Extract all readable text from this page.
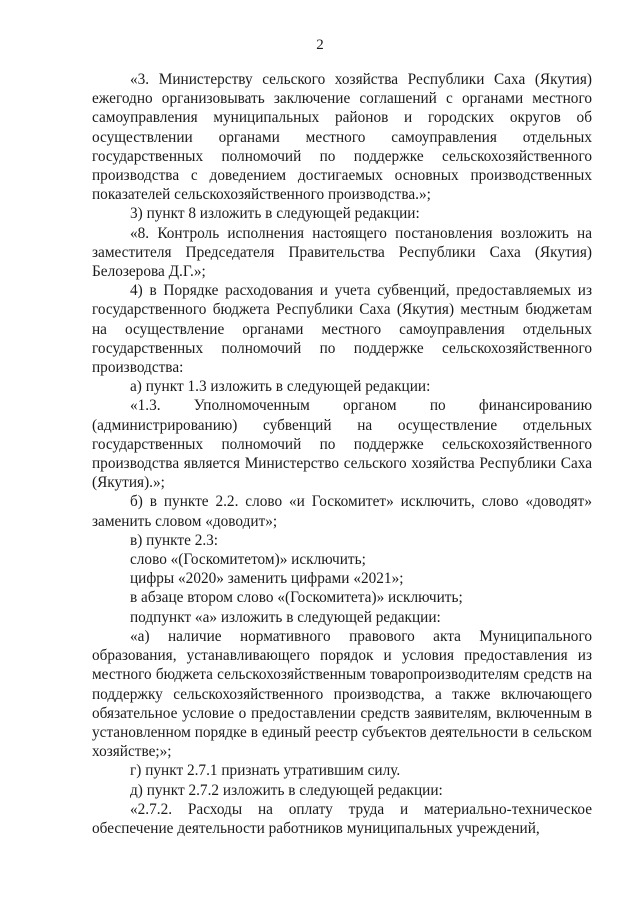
2

«3. Министерству сельского хозяйства Республики Саха (Якутия) ежегодно организовывать заключение соглашений с органами местного самоуправления муниципальных районов и городских округов об осуществлении органами местного самоуправления отдельных государственных полномочий по поддержке сельскохозяйственного производства с доведением достигаемых основных производственных показателей сельскохозяйственного производства.»;

3) пункт 8 изложить в следующей редакции:

«8. Контроль исполнения настоящего постановления возложить на заместителя Председателя Правительства Республики Саха (Якутия) Белозерова Д.Г.»;

4) в Порядке расходования и учета субвенций, предоставляемых из государственного бюджета Республики Саха (Якутия) местным бюджетам на осуществление органами местного самоуправления отдельных государственных полномочий по поддержке сельскохозяйственного производства:

а) пункт 1.3 изложить в следующей редакции:

«1.3. Уполномоченным органом по финансированию (администрированию) субвенций на осуществление отдельных государственных полномочий по поддержке сельскохозяйственного производства является Министерство сельского хозяйства Республики Саха (Якутия).»;

б) в пункте 2.2. слово «и Госкомитет» исключить, слово «доводят» заменить словом «доводит»;

в) пункте 2.3:

слово «(Госкомитетом)» исключить;

цифры «2020» заменить цифрами «2021»;

в абзаце втором слово «(Госкомитета)» исключить;

подпункт «а» изложить в следующей редакции:

«а) наличие нормативного правового акта Муниципального образования, устанавливающего порядок и условия предоставления из местного бюджета сельскохозяйственным товаропроизводителям средств на поддержку сельскохозяйственного производства, а также включающего обязательное условие о предоставлении средств заявителям, включенным в установленном порядке в единый реестр субъектов деятельности в сельском хозяйстве;»;

г) пункт 2.7.1 признать утратившим силу.

д) пункт 2.7.2 изложить в следующей редакции:

«2.7.2. Расходы на оплату труда и материально-техническое обеспечение деятельности работников муниципальных учреждений,
